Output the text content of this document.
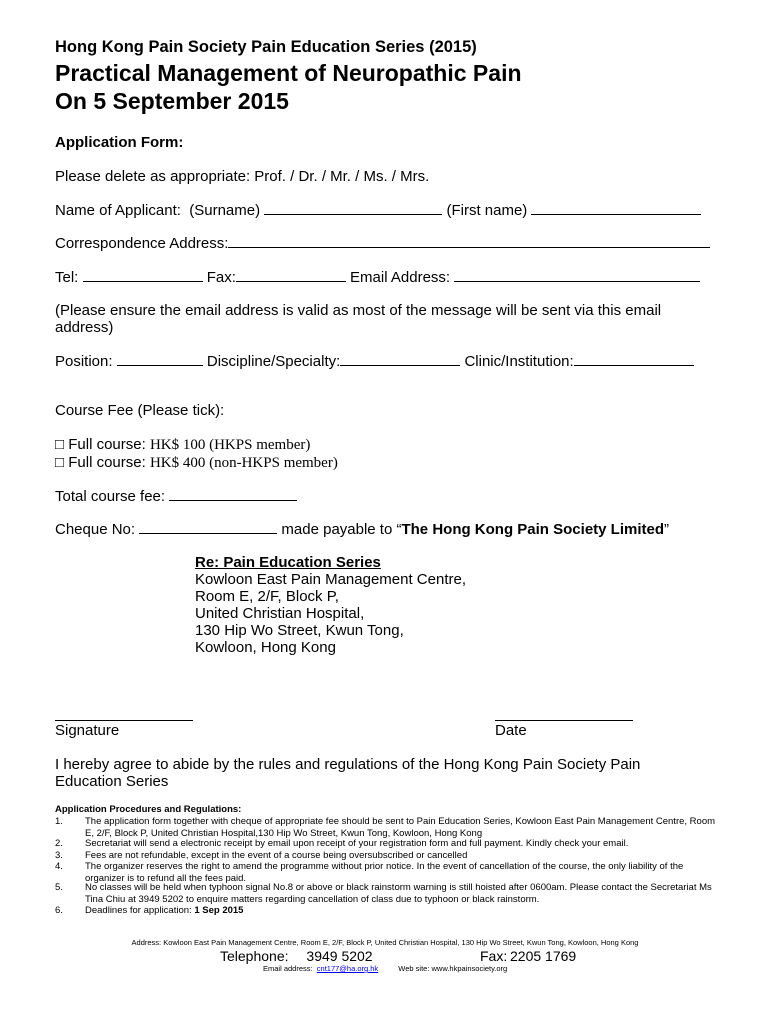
Hong Kong Pain Society Pain Education Series (2015)
Practical Management of Neuropathic Pain
On 5 September 2015
Application Form:
Please delete as appropriate: Prof. / Dr. / Mr. / Ms. / Mrs.
Name of Applicant: (Surname)	(First name)
Correspondence Address:
Tel:	Fax:	Email Address:
(Please ensure the email address is valid as most of the message will be sent via this email
address)
Position:	Discipline/Specialty:	Clinic/Institution:
Course Fee (Please tick):
□ Full course: HK$ 100 (HKPS member)
□ Full course: HK$ 400 (non-HKPS member)
Total course fee:
Cheque No:	made payable to “The Hong Kong Pain Society Limited”
Re: Pain Education Series
Kowloon East Pain Management Centre,
Room E, 2/F, Block P,
United Christian Hospital,
130 Hip Wo Street, Kwun Tong,
Kowloon, Hong Kong
Signature	Date
I hereby agree to abide by the rules and regulations of the Hong Kong Pain Society Pain
Education Series
Application Procedures and Regulations:
1. The application form together with cheque of appropriate fee should be sent to Pain Education Series, Kowloon East Pain Management Centre, Room E, 2/F, Block P, United Christian Hospital,130 Hip Wo Street, Kwun Tong, Kowloon, Hong Kong
2. Secretariat will send a electronic receipt by email upon receipt of your registration form and full payment. Kindly check your email.
3. Fees are not refundable, except in the event of a course being oversubscribed or cancelled
4. The organizer reserves the right to amend the programme without prior notice. In the event of cancellation of the course, the only liability of the organizer is to refund all the fees paid.
5. No classes will be held when typhoon signal No.8 or above or black rainstorm warning is still hoisted after 0600am. Please contact the Secretariat Ms Tina Chiu at 3949 5202 to enquire matters regarding cancellation of class due to typhoon or black rainstorm.
6. Deadlines for application: 1 Sep 2015
Address: Kowloon East Pain Management Centre, Room E, 2/F, Block P, United Christian Hospital, 130 Hip Wo Street, Kwun Tong, Kowloon, Hong Kong
Telephone: 3949 5202	Fax: 2205 1769
Email address: cnt177@ha.org.hk	Web site: www.hkpainsociety.org
